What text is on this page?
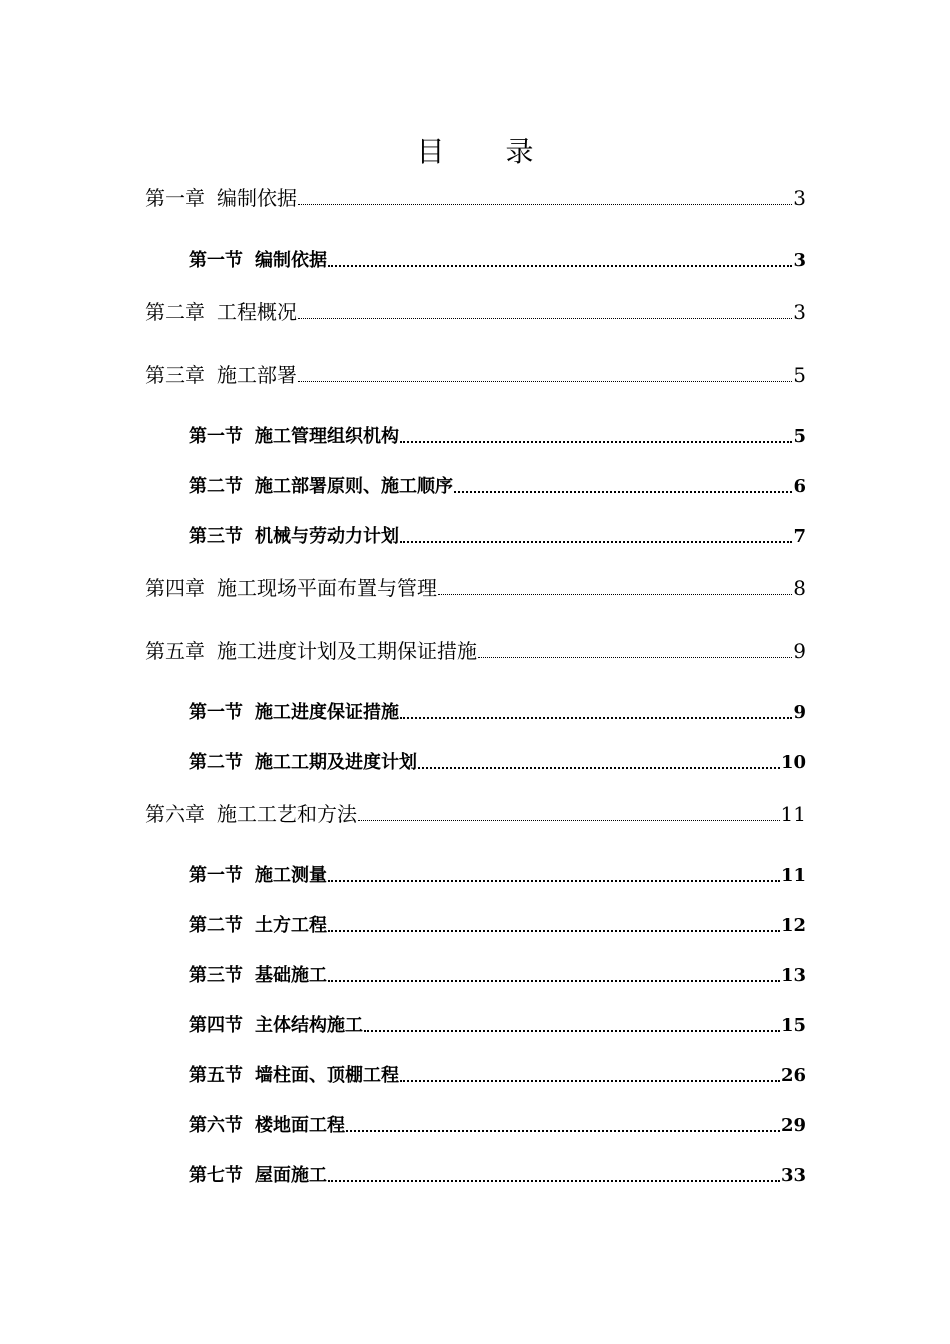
目 录
第一章 编制依据	3
第一节 编制依据	3
第二章 工程概况	3
第三章 施工部署	5
第一节 施工管理组织机构	5
第二节 施工部署原则、施工顺序	6
第三节 机械与劳动力计划	7
第四章 施工现场平面布置与管理	8
第五章 施工进度计划及工期保证措施	9
第一节 施工进度保证措施	9
第二节 施工工期及进度计划	10
第六章 施工工艺和方法	11
第一节 施工测量	11
第二节 土方工程	12
第三节 基础施工	13
第四节 主体结构施工	15
第五节 墙柱面、顶棚工程	26
第六节 楼地面工程	29
第七节 屋面施工	33
